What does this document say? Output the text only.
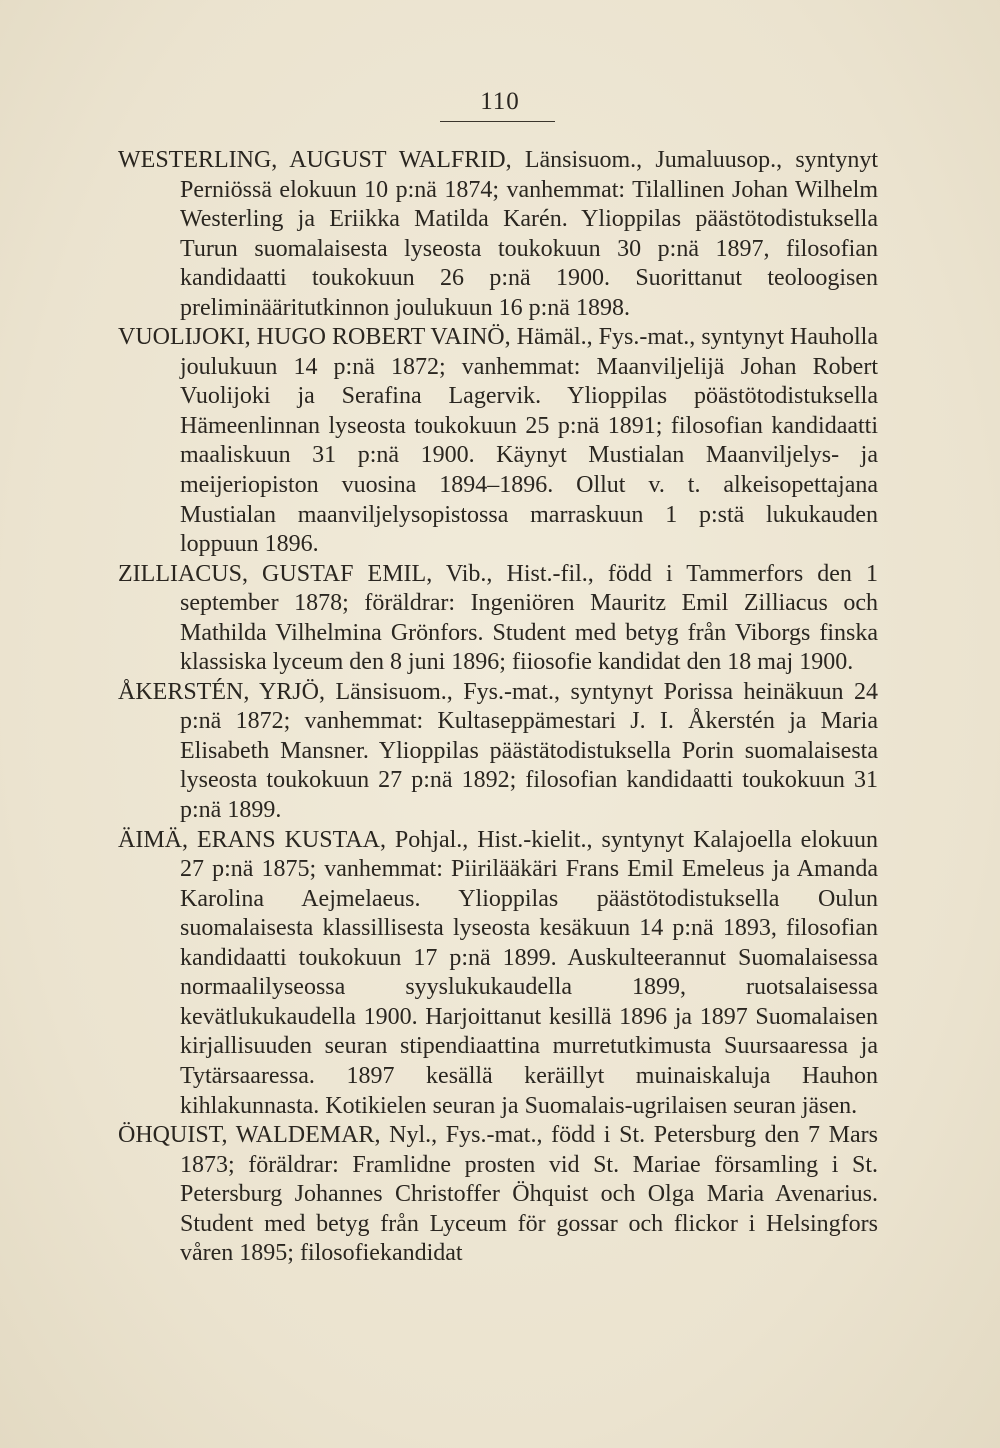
110

WESTERLING, AUGUST WALFRID, Länsisuom., Jumaluusop., syntynyt Perniössä elokuun 10 p:nä 1874; vanhemmat: Tilallinen Johan Wilhelm Westerling ja Eriikka Matilda Karén. Ylioppilas päästötodistuksella Turun suomalaisesta lyseosta toukokuun 30 p:nä 1897, filosofian kandidaatti toukokuun 26 p:nä 1900. Suorittanut teoloogisen preliminääritutkinnon joulukuun 16 p:nä 1898.

VUOLIJOKI, HUGO ROBERT VAINÖ, Hämäl., Fys.-mat., syntynyt Hauholla joulukuun 14 p:nä 1872; vanhemmat: Maanviljelijä Johan Robert Vuolijoki ja Serafina Lagervik. Ylioppilas pöästötodistuksella Hämeenlinnan lyseosta toukokuun 25 p:nä 1891; filosofian kandidaatti maaliskuun 31 p:nä 1900. Käynyt Mustialan Maanviljelys- ja meijeriopiston vuosina 1894–1896. Ollut v. t. alkeisopettajana Mustialan maanviljelysopistossa marraskuun 1 p:stä lukukauden loppuun 1896.

ZILLIACUS, GUSTAF EMIL, Vib., Hist.-fil., född i Tammerfors den 1 september 1878; föräldrar: Ingeniören Mauritz Emil Zilliacus och Mathilda Vilhelmina Grönfors. Student med betyg från Viborgs finska klassiska lyceum den 8 juni 1896; fiiosofie kandidat den 18 maj 1900.

ÅKERSTÉN, YRJÖ, Länsisuom., Fys.-mat., syntynyt Porissa heinäkuun 24 p:nä 1872; vanhemmat: Kultaseppämestari J. I. Åkerstén ja Maria Elisabeth Mansner. Ylioppilas päästätodistuksella Porin suomalaisesta lyseosta toukokuun 27 p:nä 1892; filosofian kandidaatti toukokuun 31 p:nä 1899.

ÄIMÄ, ERANS KUSTAA, Pohjal., Hist.-kielit., syntynyt Kalajoella elokuun 27 p:nä 1875; vanhemmat: Piirilääkäri Frans Emil Emeleus ja Amanda Karolina Aejmelaeus. Ylioppilas päästötodistuksella Oulun suomalaisesta klassillisesta lyseosta kesäkuun 14 p:nä 1893, filosofian kandidaatti toukokuun 17 p:nä 1899. Auskulteerannut Suomalaisessa normaalilyseossa syyslukukaudella 1899, ruotsalaisessa kevätlukukaudella 1900. Harjoittanut kesillä 1896 ja 1897 Suomalaisen kirjallisuuden seuran stipendiaattina murretutkimusta Suursaaressa ja Tytärsaaressa. 1897 kesällä keräillyt muinaiskaluja Hauhon kihlakunnasta. Kotikielen seuran ja Suomalais-ugrilaisen seuran jäsen.

ÖHQUIST, WALDEMAR, Nyl., Fys.-mat., född i St. Petersburg den 7 Mars 1873; föräldrar: Framlidne prosten vid St. Mariae församling i St. Petersburg Johannes Christoffer Öhquist och Olga Maria Avenarius. Student med betyg från Lyceum för gossar och flickor i Helsingfors våren 1895; filosofiekandidat
